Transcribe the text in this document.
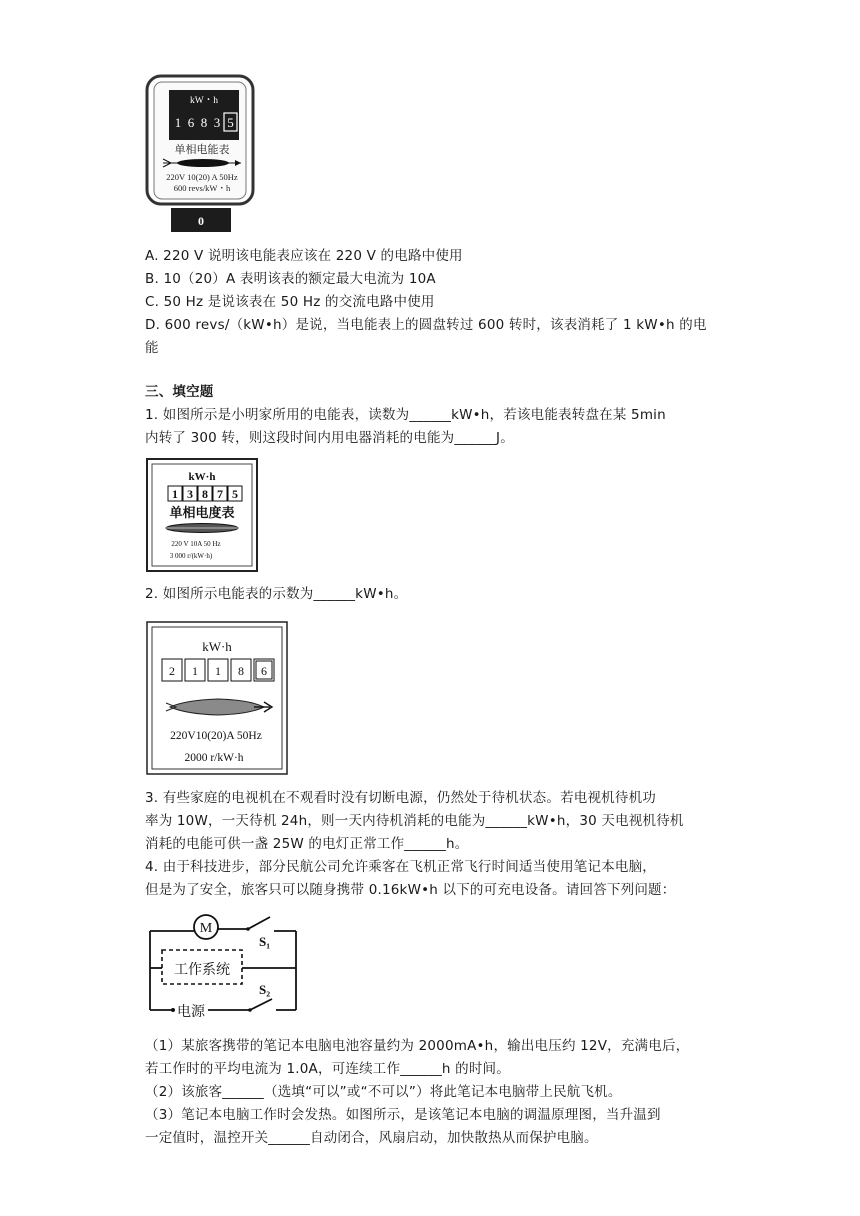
kW・h
1 6 8 3 5
单相电能表
220V 10(20) A 50Hz
600 revs/kW・h
0
A. 220 V 说明该电能表应该在 220 V 的电路中使用
B. 10（20）A 表明该表的额定最大电流为 10A
C. 50 Hz 是说该表在 50 Hz 的交流电路中使用
D. 600 revs/（kW•h）是说，当电能表上的圆盘转过 600 转时，该表消耗了 1 kW•h 的电
能
三、填空题
1. 如图所示是小明家所用的电能表，读数为______kW•h，若该电能表转盘在某 5min
内转了 300 转，则这段时间内用电器消耗的电能为______J。
kW·h
1 3 8 7 5
单相电度表
220 V 10A 50 Hz
3 000 r/(kW·h)
2. 如图所示电能表的示数为______kW•h。
kW·h
2 1 1 8 6
220V10(20)A 50Hz
2000 r/kW·h
3. 有些家庭的电视机在不观看时没有切断电源，仍然处于待机状态。若电视机待机功
率为 10W，一天待机 24h，则一天内待机消耗的电能为______kW•h，30 天电视机待机
消耗的电能可供一盏 25W 的电灯正常工作______h。
4. 由于科技进步，部分民航公司允许乘客在飞机正常飞行时间适当使用笔记本电脑，
但是为了安全，旅客只可以随身携带 0.16kW•h 以下的可充电设备。请回答下列问题：
M
S₁
工作系统
电源
S₂
（1）某旅客携带的笔记本电脑电池容量约为 2000mA•h，输出电压约 12V，充满电后，
若工作时的平均电流为 1.0A，可连续工作______h 的时间。
（2）该旅客______（选填“可以”或“不可以”）将此笔记本电脑带上民航飞机。
（3）笔记本电脑工作时会发热。如图所示，是该笔记本电脑的调温原理图，当升温到
一定值时，温控开关______自动闭合，风扇启动，加快散热从而保护电脑。
